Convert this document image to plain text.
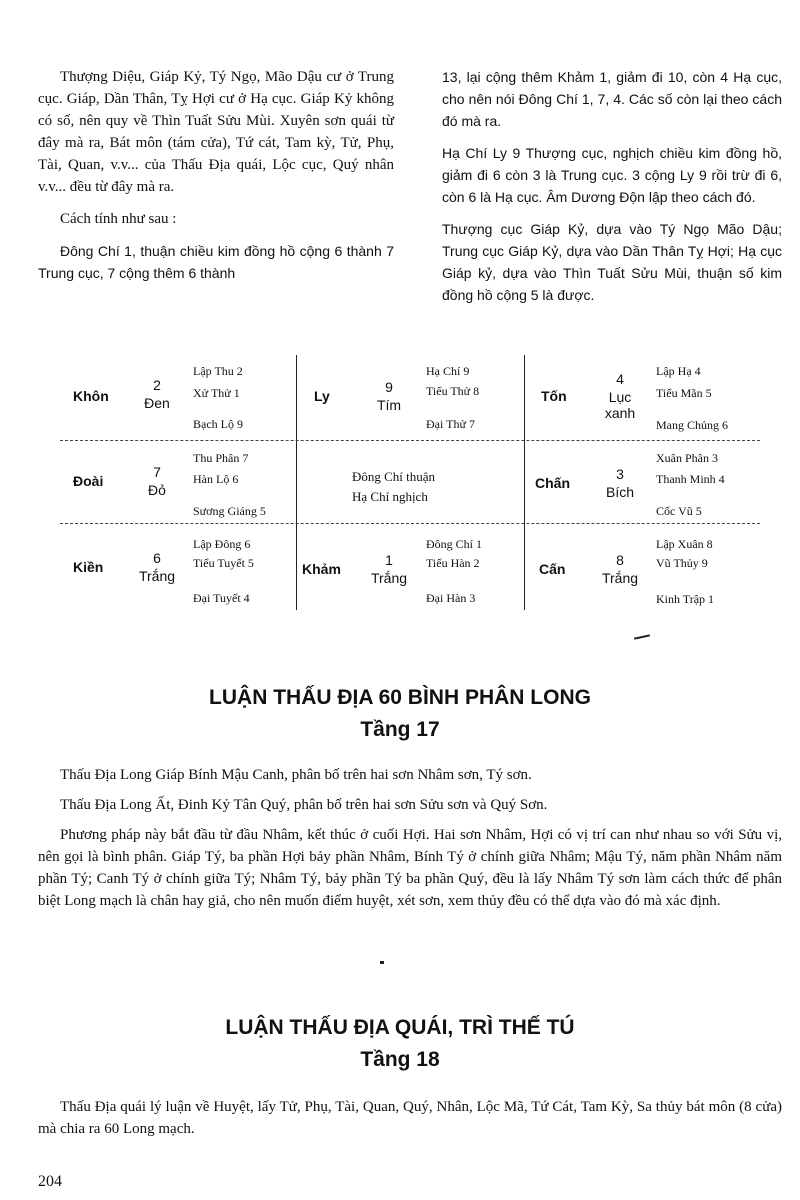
Thượng Diệu, Giáp Kỷ, Tý Ngọ, Mão Dậu cư ở Trung cục. Giáp, Dần Thân, Tỵ Hợi cư ở Hạ cục. Giáp Kỷ không có số, nên quy về Thìn Tuất Sửu Mùi. Xuyên sơn quái từ đây mà ra, Bát môn (tám cửa), Tứ cát, Tam kỳ, Tử, Phụ, Tài, Quan, v.v... của Thấu Địa quái, Lộc cục, Quý nhân v.v... đều từ đây mà ra.

Cách tính như sau :

Đông Chí 1, thuận chiều kim đồng hồ cộng 6 thành 7 Trung cục, 7 cộng thêm 6 thành

13, lại cộng thêm Khảm 1, giảm đi 10, còn 4 Hạ cục, cho nên nói Đông Chí 1, 7, 4. Các số còn lại theo cách đó mà ra.

Hạ Chí Ly 9 Thượng cục, nghịch chiều kim đồng hồ, giảm đi 6 còn 3 là Trung cục. 3 cộng Ly 9 rồi trừ đi 6, còn 6 là Hạ cục. Âm Dương Độn lập theo cách đó.

Thượng cục Giáp Kỷ, dựa vào Tý Ngọ Mão Dậu; Trung cục Giáp Kỷ, dựa vào Dần Thân Tỵ Hợi; Hạ cục Giáp kỷ, dựa vào Thìn Tuất Sửu Mùi, thuận số kim đồng hồ cộng 5 là được.

Khôn
2
Đen
Lập Thu 2
Xử Thử 1
Bạch Lộ 9
Ly
9
Tím
Hạ Chí 9
Tiểu Thử 8
Đại Thử 7
Tốn
4
Lục xanh
Lập Hạ 4
Tiểu Mãn 5
Mang Chủng 6
Đoài
7
Đỏ
Thu Phân 7
Hàn Lộ 6
Sương Giáng 5
Đông Chí thuận
Hạ Chí nghịch
Chấn
3
Bích
Xuân Phân 3
Thanh Minh 4
Cốc Vũ 5
Kiền
6
Trắng
Lập Đông 6
Tiểu Tuyết 5
Đại Tuyết 4
Khảm
1
Trắng
Đông Chí 1
Tiểu Hàn 2
Đại Hàn 3
Cấn
8
Trắng
Lập Xuân 8
Vũ Thủy 9
Kinh Trập 1
LUẬN THẤU ĐỊA 60 BÌNH PHÂN LONG
Tầng 17

Thấu Địa Long Giáp Bính Mậu Canh, phân bố trên hai sơn Nhâm sơn, Tý sơn.

Thấu Địa Long Ất, Đinh Kỷ Tân Quý, phân bố trên hai sơn Sửu sơn và Quý Sơn.

Phương pháp này bắt đầu từ đầu Nhâm, kết thúc ở cuối Hợi. Hai sơn Nhâm, Hợi có vị trí can như nhau so với Sửu vị, nên gọi là bình phân. Giáp Tý, ba phần Hợi bảy phần Nhâm, Bính Tý ở chính giữa Nhâm; Mậu Tý, năm phần Nhâm năm phần Tý; Canh Tý ở chính giữa Tý; Nhâm Tý, bảy phần Tý ba phần Quý, đều là lấy Nhâm Tý sơn làm cách thức để phân biệt Long mạch là chân hay giả, cho nên muốn điểm huyệt, xét sơn, xem thủy đều có thể dựa vào đó mà xác định.

LUẬN THẤU ĐỊA QUÁI, TRÌ THẾ TÚ
Tầng 18

Thấu Địa quái lý luận về Huyệt, lấy Tử, Phụ, Tài, Quan, Quý, Nhân, Lộc Mã, Tứ Cát, Tam Kỳ, Sa thủy bát môn (8 cửa) mà chia ra 60 Long mạch.

204
